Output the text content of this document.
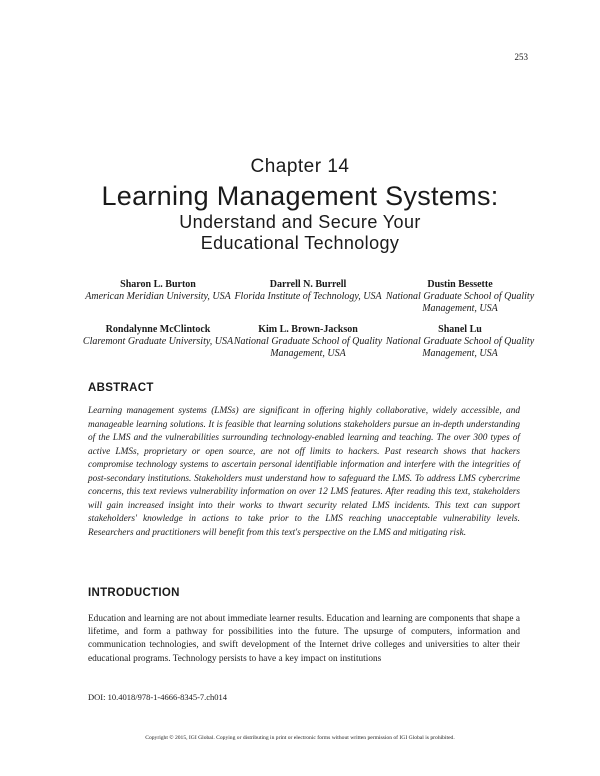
253
Chapter 14
Learning Management Systems:
Understand and Secure Your
Educational Technology
Sharon L. Burton
American Meridian University, USA
Darrell N. Burrell
Florida Institute of Technology, USA
Dustin Bessette
National Graduate School of Quality Management, USA
Rondalynne McClintock
Claremont Graduate University, USA
Kim L. Brown-Jackson
National Graduate School of Quality Management, USA
Shanel Lu
National Graduate School of Quality Management, USA
ABSTRACT
Learning management systems (LMSs) are significant in offering highly collaborative, widely accessible, and manageable learning solutions. It is feasible that learning solutions stakeholders pursue an in-depth understanding of the LMS and the vulnerabilities surrounding technology-enabled learning and teaching. The over 300 types of active LMSs, proprietary or open source, are not off limits to hackers. Past research shows that hackers compromise technology systems to ascertain personal identifiable information and interfere with the integrities of post-secondary institutions. Stakeholders must understand how to safeguard the LMS. To address LMS cybercrime concerns, this text reviews vulnerability information on over 12 LMS features. After reading this text, stakeholders will gain increased insight into their works to thwart security related LMS incidents. This text can support stakeholders' knowledge in actions to take prior to the LMS reaching unacceptable vulnerability levels. Researchers and practitioners will benefit from this text's perspective on the LMS and mitigating risk.
INTRODUCTION
Education and learning are not about immediate learner results. Education and learning are components that shape a lifetime, and form a pathway for possibilities into the future. The upsurge of computers, information and communication technologies, and swift development of the Internet drive colleges and universities to alter their educational programs. Technology persists to have a key impact on institutions
DOI: 10.4018/978-1-4666-8345-7.ch014
Copyright © 2015, IGI Global. Copying or distributing in print or electronic forms without written permission of IGI Global is prohibited.
